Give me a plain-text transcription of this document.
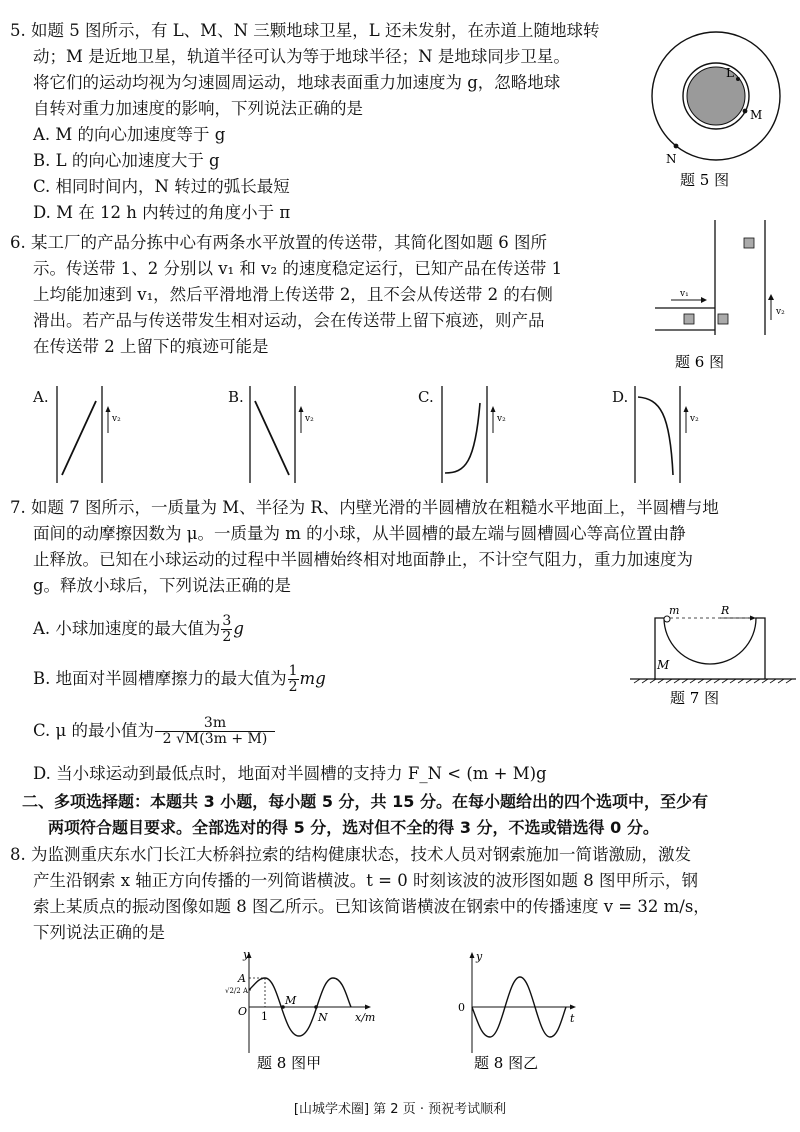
5. 如题 5 图所示，有 L、M、N 三颗地球卫星，L 还未发射，在赤道上随地球转
动；M 是近地卫星，轨道半径可认为等于地球半径；N 是地球同步卫星。
将它们的运动均视为匀速圆周运动，地球表面重力加速度为 g，忽略地球
自转对重力加速度的影响，下列说法正确的是
A. M 的向心加速度等于 g
B. L 的向心加速度大于 g
C. 相同时间内，N 转过的弧长最短
D. M 在 12 h 内转过的角度小于 π
L
M
N
题 5 图
6. 某工厂的产品分拣中心有两条水平放置的传送带，其简化图如题 6 图所
示。传送带 1、2 分别以 v₁ 和 v₂ 的速度稳定运行，已知产品在传送带 1
上均能加速到 v₁，然后平滑地滑上传送带 2，且不会从传送带 2 的右侧
滑出。若产品与传送带发生相对运动，会在传送带上留下痕迹，则产品
在传送带 2 上留下的痕迹可能是
v₁
v₂
题 6 图
A.
v₂
B.
v₂
C.
v₂
D.
v₂
7. 如题 7 图所示，一质量为 M、半径为 R、内壁光滑的半圆槽放在粗糙水平地面上，半圆槽与地
面间的动摩擦因数为 μ。一质量为 m 的小球，从半圆槽的最左端与圆槽圆心等高位置由静
止释放。已知在小球运动的过程中半圆槽始终相对地面静止，不计空气阻力，重力加速度为
g。释放小球后，下列说法正确的是
A. 小球加速度的最大值为 $\frac{3}{2}$ g
B. 地面对半圆槽摩擦力的最大值为 $\frac{1}{2}$ mg
C. μ 的最小值为 $\frac{3m}{2 √M(3m + M)}$
D. 当小球运动到最低点时，地面对半圆槽的支持力 F_N < (m + M)g
m	R
M
题 7 图
二、多项选择题：本题共 3 小题，每小题 5 分，共 15 分。在每小题给出的四个选项中，至少有
两项符合题目要求。全部选对的得 5 分，选对但不全的得 3 分，不选或错选得 0 分。
8. 为监测重庆东水门长江大桥斜拉索的结构健康状态，技术人员对钢索施加一简谐激励，激发
产生沿钢索 x 轴正方向传播的一列简谐横波。t = 0 时刻该波的波形图如题 8 图甲所示，钢
索上某质点的振动图像如题 8 图乙所示。已知该简谐横波在钢索中的传播速度 v = 32 m/s，
下列说法正确的是
y
A
√2/2 A
O 1
M
N x/m
题 8 图甲
y
0
t
题 8 图乙
[山城学术圈] 第 2 页 · 预祝考试顺利
